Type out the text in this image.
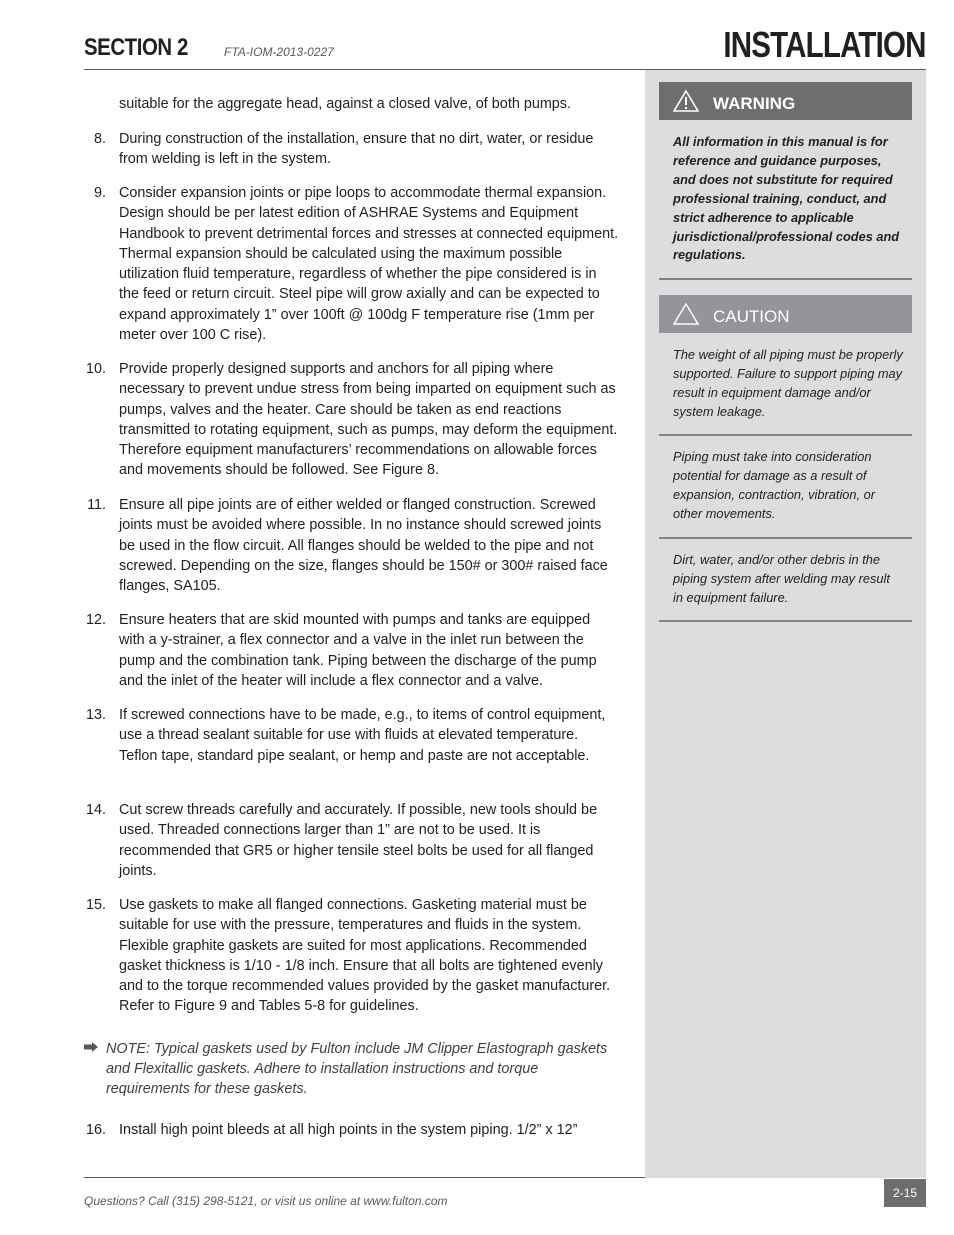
SECTION 2	FTA-IOM-2013-0227	INSTALLATION
WARNING
All information in this manual is for reference and guidance purposes, and does not substitute for required professional training, conduct, and strict adherence to applicable jurisdictional/professional codes and regulations.
CAUTION
The weight of all piping must be properly supported. Failure to support piping may result in equipment damage and/or system leakage.
Piping must take into consideration potential for damage as a result of expansion, contraction, vibration, or other movements.
Dirt, water, and/or other debris in the piping system after welding may result in equipment failure.
suitable for the aggregate head, against a closed valve, of both pumps.
8. During construction of the installation, ensure that no dirt, water, or residue from welding is left in the system.
9. Consider expansion joints or pipe loops to accommodate thermal expansion. Design should be per latest edition of ASHRAE Systems and Equipment Handbook to prevent detrimental forces and stresses at connected equipment. Thermal expansion should be calculated using the maximum possible utilization fluid temperature, regardless of whether the pipe considered is in the feed or return circuit. Steel pipe will grow axially and can be expected to expand approximately 1” over 100ft @ 100dg F temperature rise (1mm per meter over 100 C rise).
10. Provide properly designed supports and anchors for all piping where necessary to prevent undue stress from being imparted on equipment such as pumps, valves and the heater. Care should be taken as end reactions transmitted to rotating equipment, such as pumps, may deform the equipment. Therefore equipment manufacturers’ recommendations on allowable forces and movements should be followed. See Figure 8.
11. Ensure all pipe joints are of either welded or flanged construction. Screwed joints must be avoided where possible. In no instance should screwed joints be used in the flow circuit. All flanges should be welded to the pipe and not screwed. Depending on the size, flanges should be 150# or 300# raised face flanges, SA105.
12. Ensure heaters that are skid mounted with pumps and tanks are equipped with a y-strainer, a flex connector and a valve in the inlet run between the pump and the combination tank. Piping between the discharge of the pump and the inlet of the heater will include a flex connector and a valve.
13. If screwed connections have to be made, e.g., to items of control equipment, use a thread sealant suitable for use with fluids at elevated temperature. Teflon tape, standard pipe sealant, or hemp and paste are not acceptable.
14. Cut screw threads carefully and accurately. If possible, new tools should be used. Threaded connections larger than 1” are not to be used. It is recommended that GR5 or higher tensile steel bolts be used for all flanged joints.
15. Use gaskets to make all flanged connections. Gasketing material must be suitable for use with the pressure, temperatures and fluids in the system. Flexible graphite gaskets are suited for most applications. Recommended gasket thickness is 1/10 - 1/8 inch. Ensure that all bolts are tightened evenly and to the torque recommended values provided by the gasket manufacturer. Refer to Figure 9 and Tables 5-8 for guidelines.
NOTE: Typical gaskets used by Fulton include JM Clipper Elastograph gaskets and Flexitallic gaskets. Adhere to installation instructions and torque requirements for these gaskets.
16. Install high point bleeds at all high points in the system piping. 1/2” x 12”
Questions? Call (315) 298-5121, or visit us online at www.fulton.com
2-15
